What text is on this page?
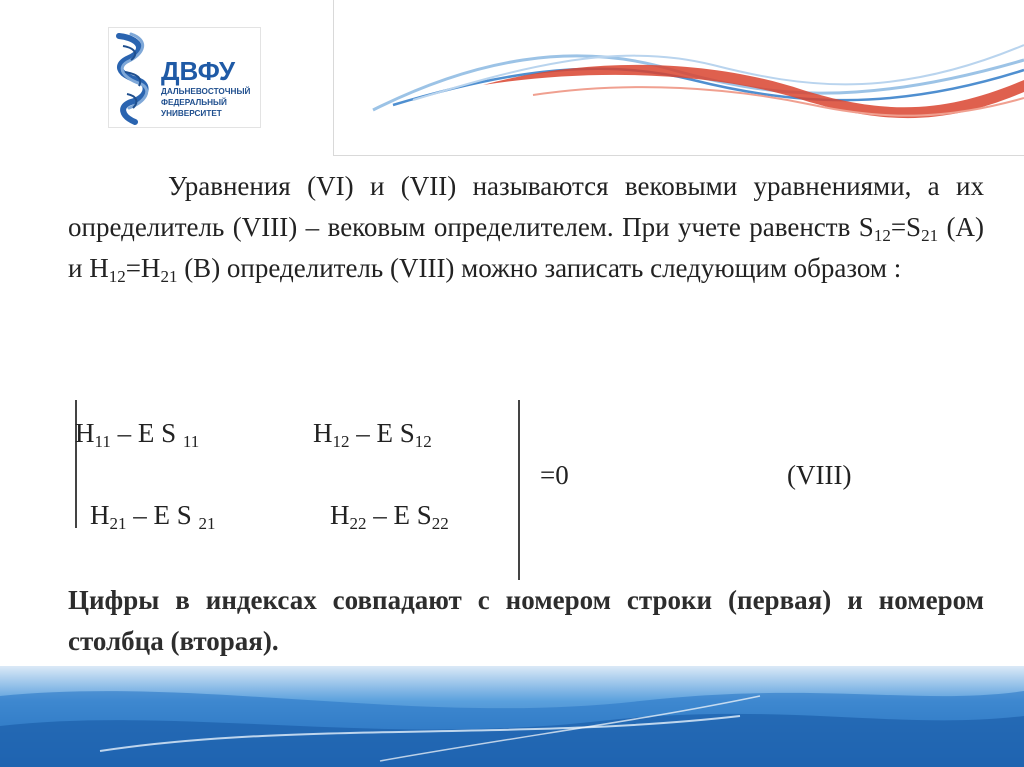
ДВФУ
ДАЛЬНЕВОСТОЧНЫЙ
ФЕДЕРАЛЬНЫЙ
УНИВЕРСИТЕТ

Уравнения (VI) и (VII) называются вековыми уравнениями, а их определитель (VIII) – вековым определителем. При учете равенств $S_{12}=S_{21}$ (A) и $H_{12}=H_{21}$ (B) определитель (VIII) можно записать следующим образом :

$H_{11}$ – E S $_{11}$	$H_{12}$ – E $S_{12}$
$H_{21}$ – E S $_{21}$	$H_{22}$ – E $S_{22}$
=0	(VIII)

Цифры в индексах совпадают с номером строки (первая) и номером столбца (вторая).
